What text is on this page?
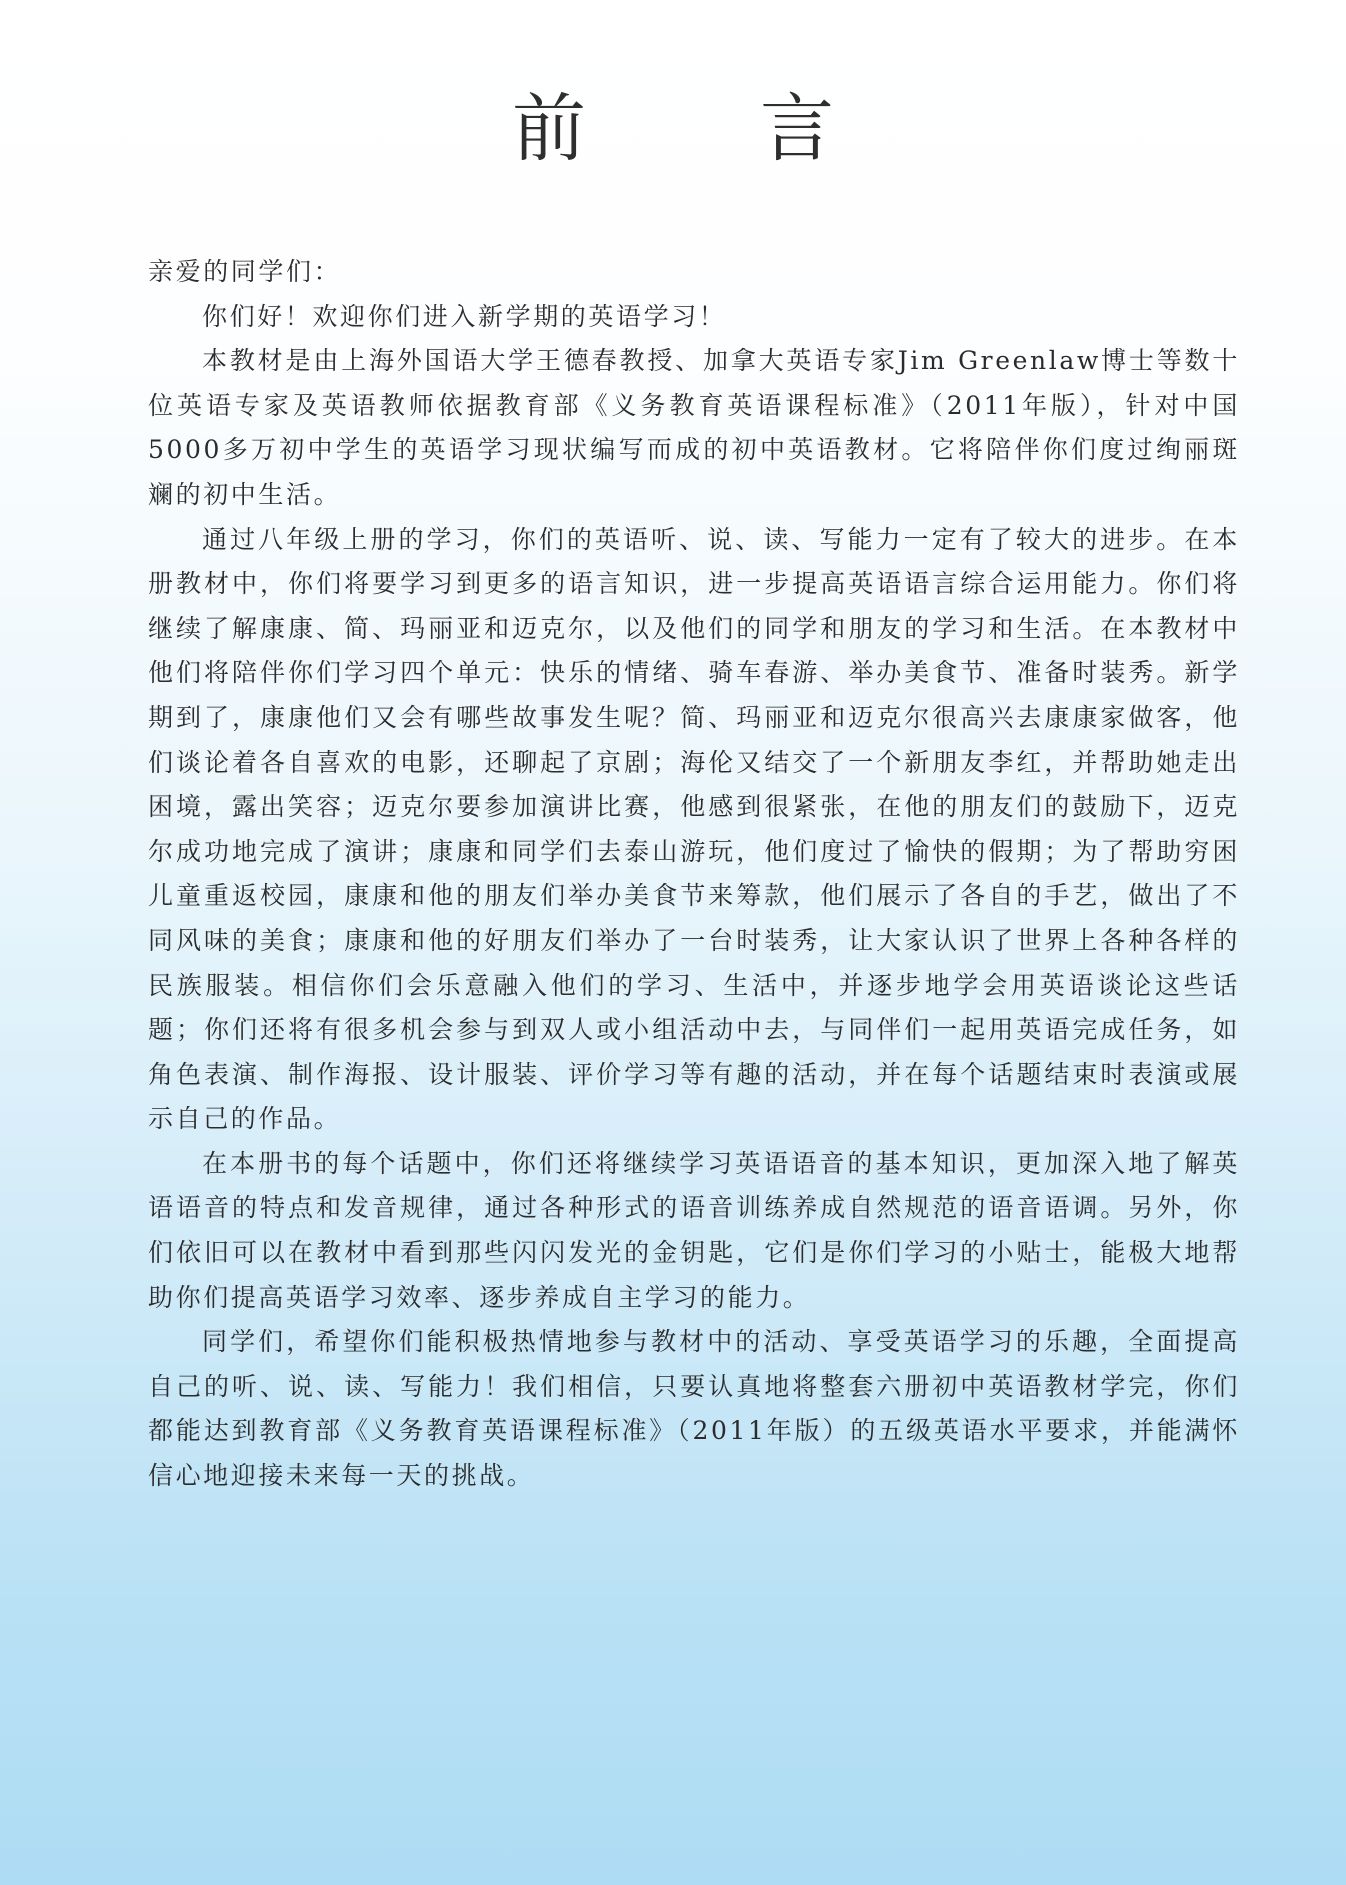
前　言

亲爱的同学们：

你们好！欢迎你们进入新学期的英语学习！

本教材是由上海外国语大学王德春教授、加拿大英语专家Jim Greenlaw博士等数十位英语专家及英语教师依据教育部《义务教育英语课程标准》（2011年版），针对中国5000多万初中学生的英语学习现状编写而成的初中英语教材。它将陪伴你们度过绚丽斑斓的初中生活。

通过八年级上册的学习，你们的英语听、说、读、写能力一定有了较大的进步。在本册教材中，你们将要学习到更多的语言知识，进一步提高英语语言综合运用能力。你们将继续了解康康、简、玛丽亚和迈克尔，以及他们的同学和朋友的学习和生活。在本教材中他们将陪伴你们学习四个单元：快乐的情绪、骑车春游、举办美食节、准备时装秀。新学期到了，康康他们又会有哪些故事发生呢？简、玛丽亚和迈克尔很高兴去康康家做客，他们谈论着各自喜欢的电影，还聊起了京剧；海伦又结交了一个新朋友李红，并帮助她走出困境，露出笑容；迈克尔要参加演讲比赛，他感到很紧张，在他的朋友们的鼓励下，迈克尔成功地完成了演讲；康康和同学们去泰山游玩，他们度过了愉快的假期；为了帮助穷困儿童重返校园，康康和他的朋友们举办美食节来筹款，他们展示了各自的手艺，做出了不同风味的美食；康康和他的好朋友们举办了一台时装秀，让大家认识了世界上各种各样的民族服装。相信你们会乐意融入他们的学习、生活中，并逐步地学会用英语谈论这些话题；你们还将有很多机会参与到双人或小组活动中去，与同伴们一起用英语完成任务，如角色表演、制作海报、设计服装、评价学习等有趣的活动，并在每个话题结束时表演或展示自己的作品。

在本册书的每个话题中，你们还将继续学习英语语音的基本知识，更加深入地了解英语语音的特点和发音规律，通过各种形式的语音训练养成自然规范的语音语调。另外，你们依旧可以在教材中看到那些闪闪发光的金钥匙，它们是你们学习的小贴士，能极大地帮助你们提高英语学习效率、逐步养成自主学习的能力。

同学们，希望你们能积极热情地参与教材中的活动、享受英语学习的乐趣，全面提高自己的听、说、读、写能力！我们相信，只要认真地将整套六册初中英语教材学完，你们都能达到教育部《义务教育英语课程标准》（2011年版）的五级英语水平要求，并能满怀信心地迎接未来每一天的挑战。
